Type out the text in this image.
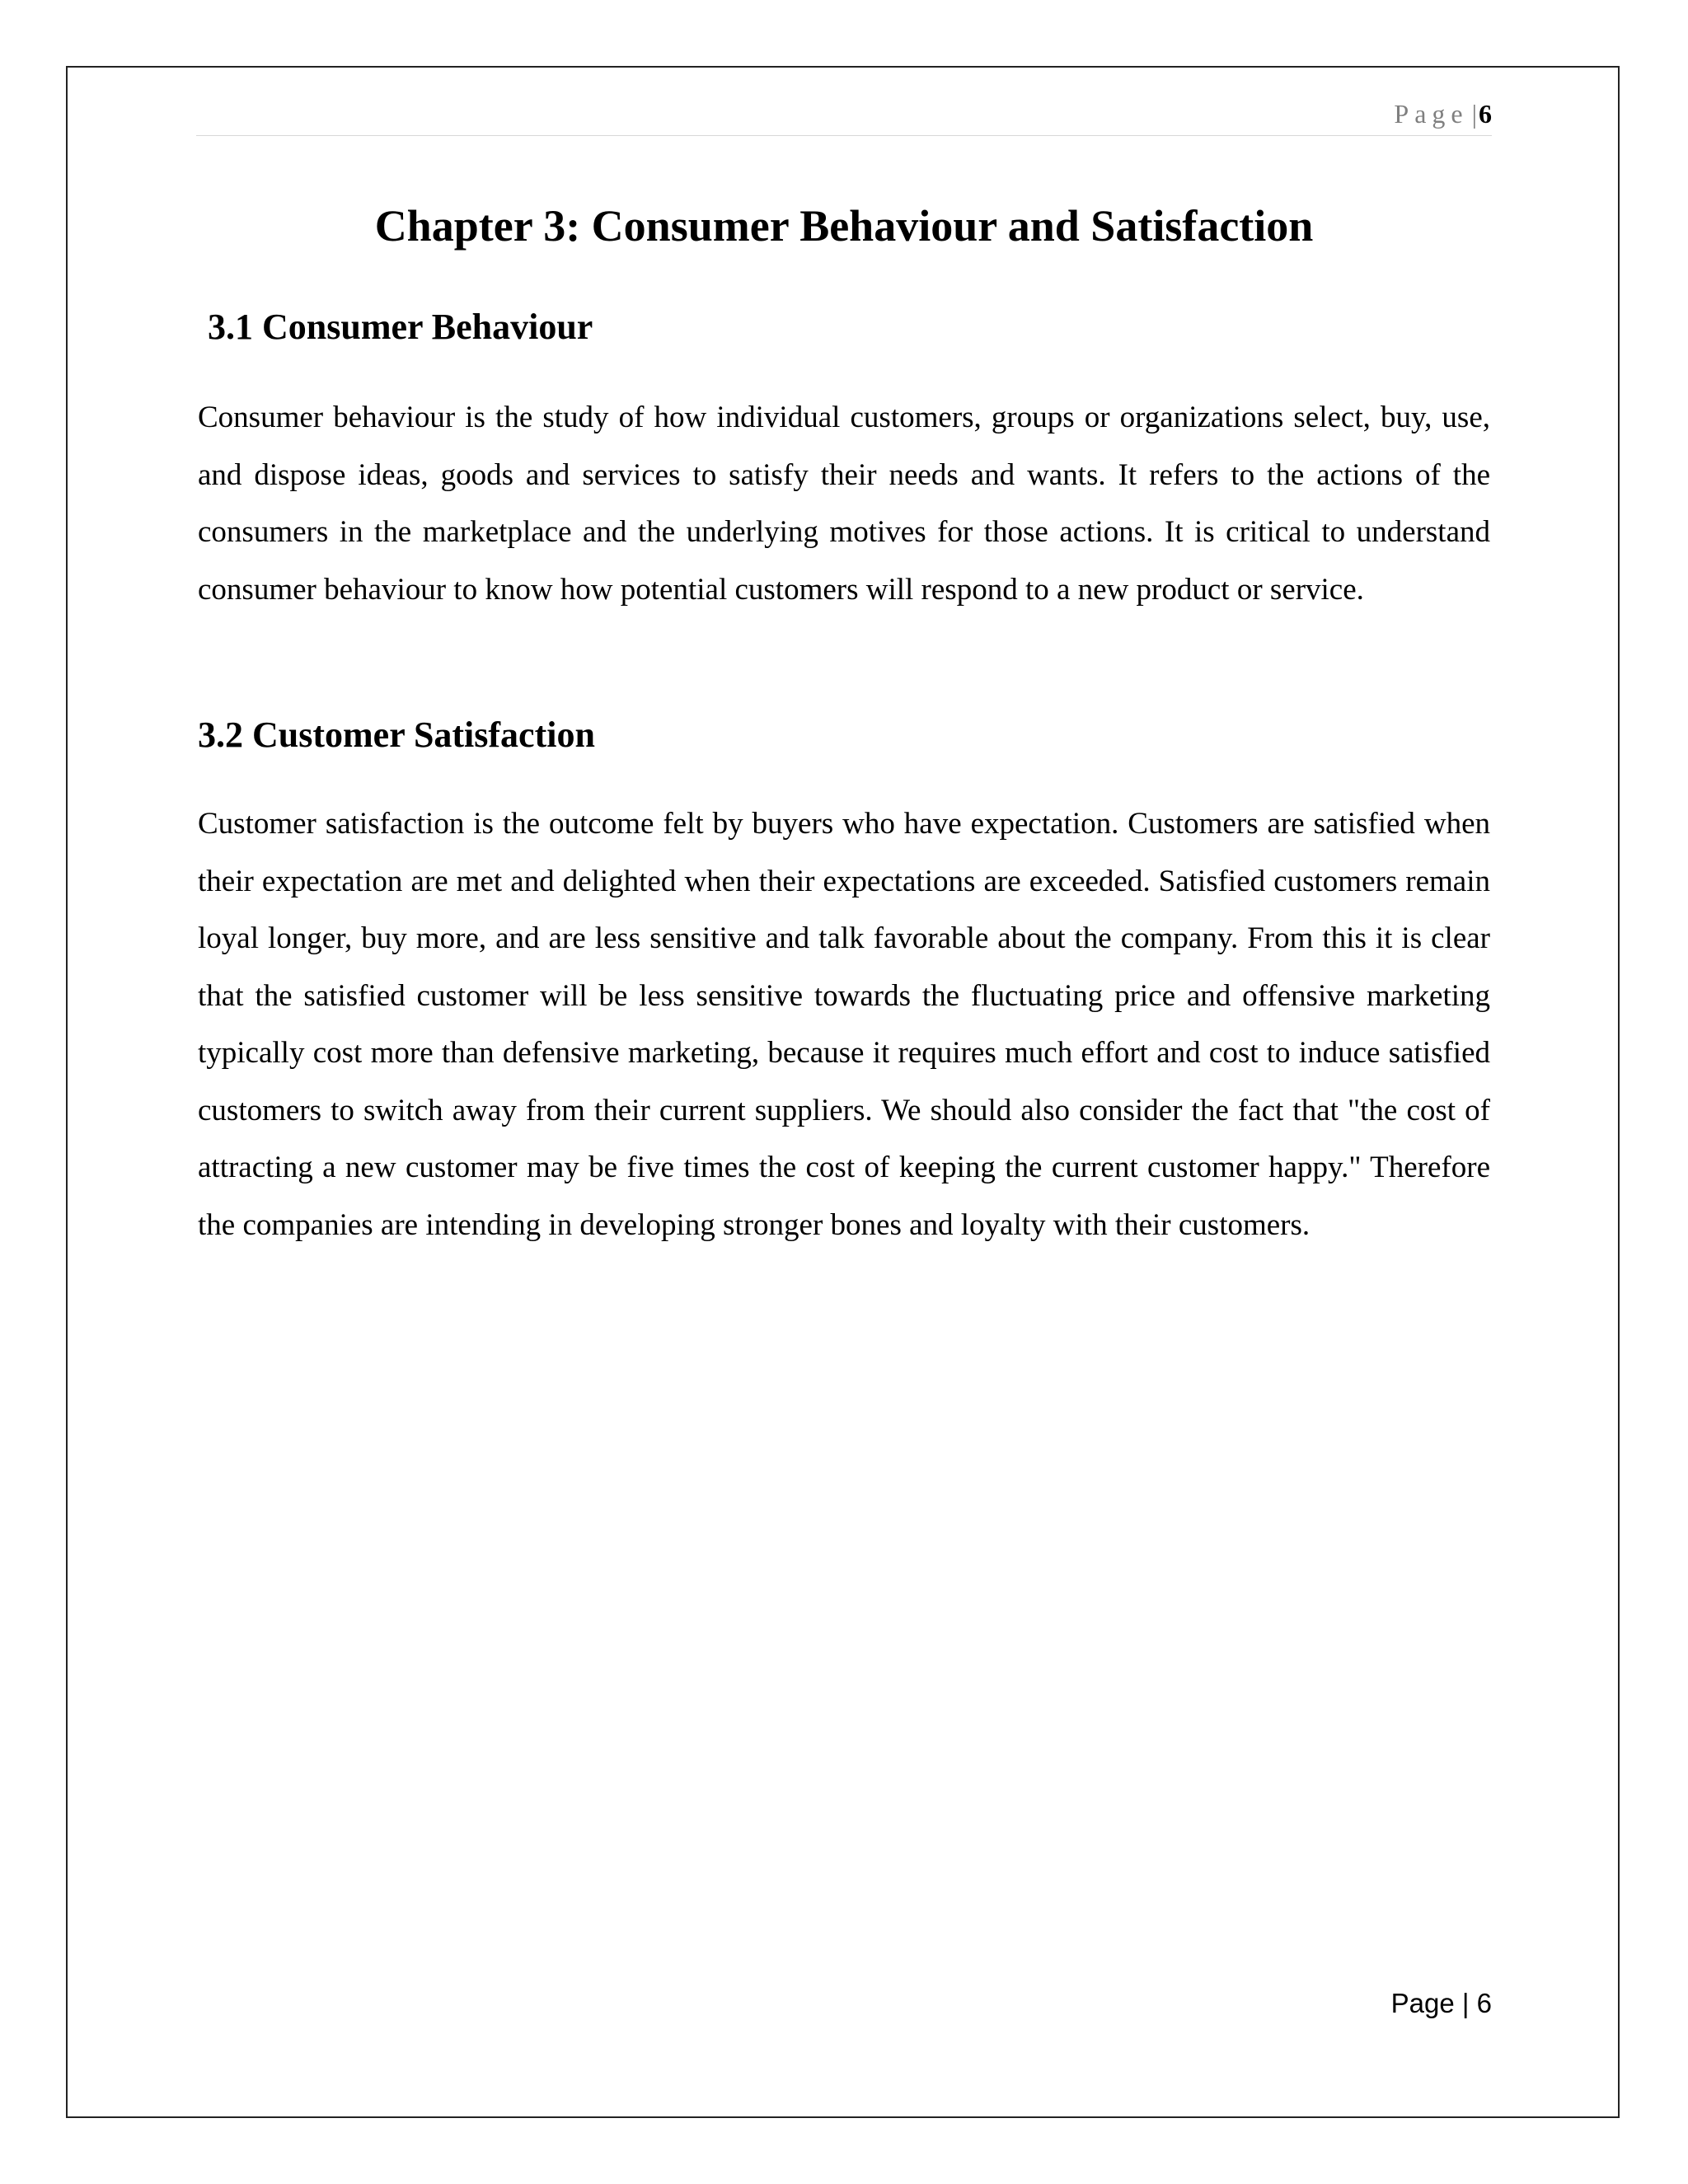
Page |6
Chapter 3: Consumer Behaviour and Satisfaction
3.1 Consumer Behaviour

Consumer behaviour is the study of how individual customers, groups or organizations select, buy, use, and dispose ideas, goods and services to satisfy their needs and wants. It refers to the actions of the consumers in the marketplace and the underlying motives for those actions. It is critical to understand consumer behaviour to know how potential customers will respond to a new product or service.

3.2 Customer Satisfaction

Customer satisfaction is the outcome felt by buyers who have expectation. Customers are satisfied when their expectation are met and delighted when their expectations are exceeded. Satisfied customers remain loyal longer, buy more, and are less sensitive and talk favorable about the company. From this it is clear that the satisfied customer will be less sensitive towards the fluctuating price and offensive marketing typically cost more than defensive marketing, because it requires much effort and cost to induce satisfied customers to switch away from their current suppliers. We should also consider the fact that "the cost of attracting a new customer may be five times the cost of keeping the current customer happy." Therefore the companies are intending in developing stronger bones and loyalty with their customers.

Page | 6
